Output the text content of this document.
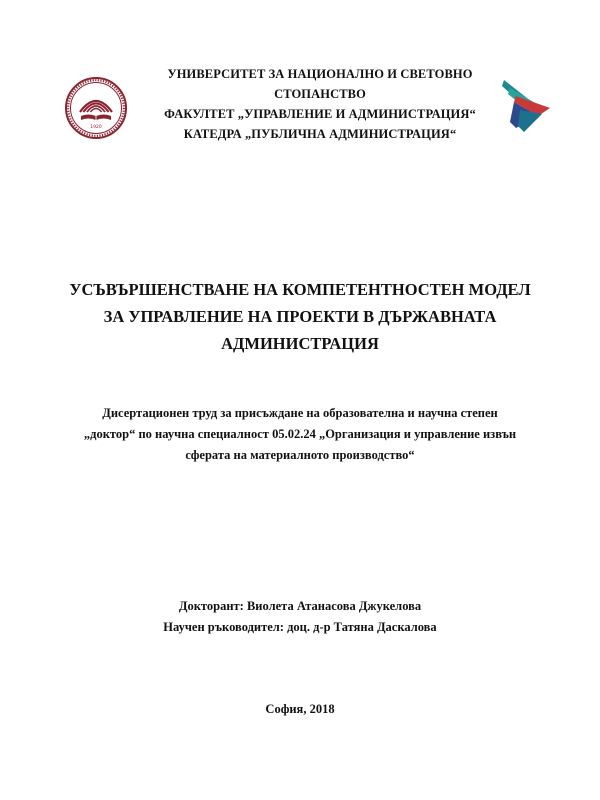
1920
УНИВЕРСИТЕТ ЗА НАЦИОНАЛНО И СВЕТОВНО
СТОПАНСТВО
ФАКУЛТЕТ „УПРАВЛЕНИЕ И АДМИНИСТРАЦИЯ“
КАТЕДРА „ПУБЛИЧНА АДМИНИСТРАЦИЯ“
УСЪВЪРШЕНСТВАНЕ НА КОМПЕТЕНТНОСТЕН МОДЕЛ
ЗА УПРАВЛЕНИЕ НА ПРОЕКТИ В ДЪРЖАВНАТА
АДМИНИСТРАЦИЯ
Дисертационен труд за присъждане на образователна и научна степен
„доктор“ по научна специалност 05.02.24 „Организация и управление извън
сферата на материалното производство“
Докторант: Виолета Атанасова Джукелова
Научен ръководител: доц. д-р Татяна Даскалова
София, 2018
